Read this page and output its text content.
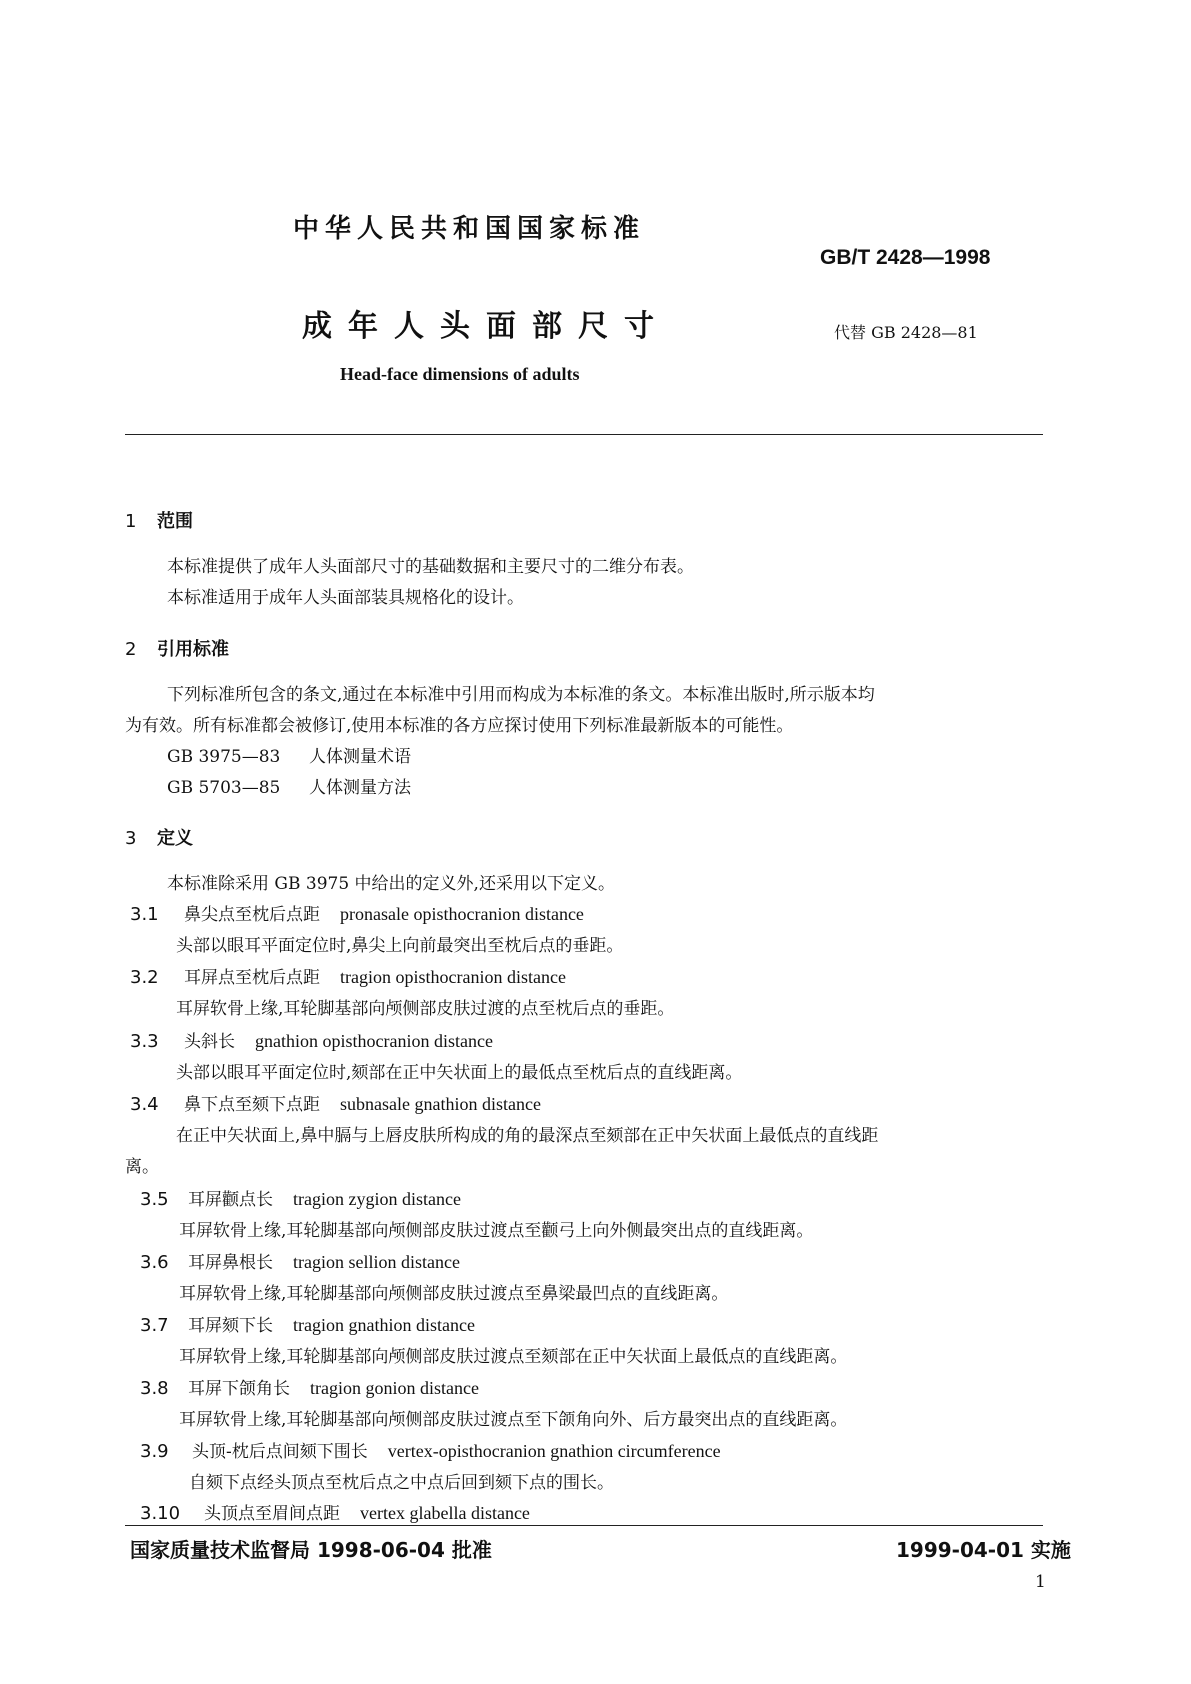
中华人民共和国国家标准
GB/T 2428—1998
成年人头面部尺寸	代替 GB 2428—81
Head-face dimensions of adults
1 范围
本标准提供了成年人头面部尺寸的基础数据和主要尺寸的二维分布表。
本标准适用于成年人头面部装具规格化的设计。
2 引用标准
下列标准所包含的条文,通过在本标准中引用而构成为本标准的条文。本标准出版时,所示版本均
为有效。所有标准都会被修订,使用本标准的各方应探讨使用下列标准最新版本的可能性。
GB 3975—83 人体测量术语
GB 5703—85 人体测量方法
3 定义
本标准除采用 GB 3975 中给出的定义外,还采用以下定义。
3.1 鼻尖点至枕后点距 pronasale opisthocranion distance
头部以眼耳平面定位时,鼻尖上向前最突出至枕后点的垂距。
3.2 耳屏点至枕后点距 tragion opisthocranion distance
耳屏软骨上缘,耳轮脚基部向颅侧部皮肤过渡的点至枕后点的垂距。
3.3 头斜长 gnathion opisthocranion distance
头部以眼耳平面定位时,颏部在正中矢状面上的最低点至枕后点的直线距离。
3.4 鼻下点至颏下点距 subnasale gnathion distance
在正中矢状面上,鼻中膈与上唇皮肤所构成的角的最深点至颏部在正中矢状面上最低点的直线距
离。
3.5 耳屏颧点长 tragion zygion distance
耳屏软骨上缘,耳轮脚基部向颅侧部皮肤过渡点至颧弓上向外侧最突出点的直线距离。
3.6 耳屏鼻根长 tragion sellion distance
耳屏软骨上缘,耳轮脚基部向颅侧部皮肤过渡点至鼻梁最凹点的直线距离。
3.7 耳屏颏下长 tragion gnathion distance
耳屏软骨上缘,耳轮脚基部向颅侧部皮肤过渡点至颏部在正中矢状面上最低点的直线距离。
3.8 耳屏下颌角长 tragion gonion distance
耳屏软骨上缘,耳轮脚基部向颅侧部皮肤过渡点至下颌角向外、后方最突出点的直线距离。
3.9 头顶-枕后点间颏下围长 vertex-opisthocranion gnathion circumference
自颏下点经头顶点至枕后点之中点后回到颏下点的围长。
3.10 头顶点至眉间点距 vertex glabella distance
国家质量技术监督局 1998-06-04 批准	1999-04-01 实施
1
